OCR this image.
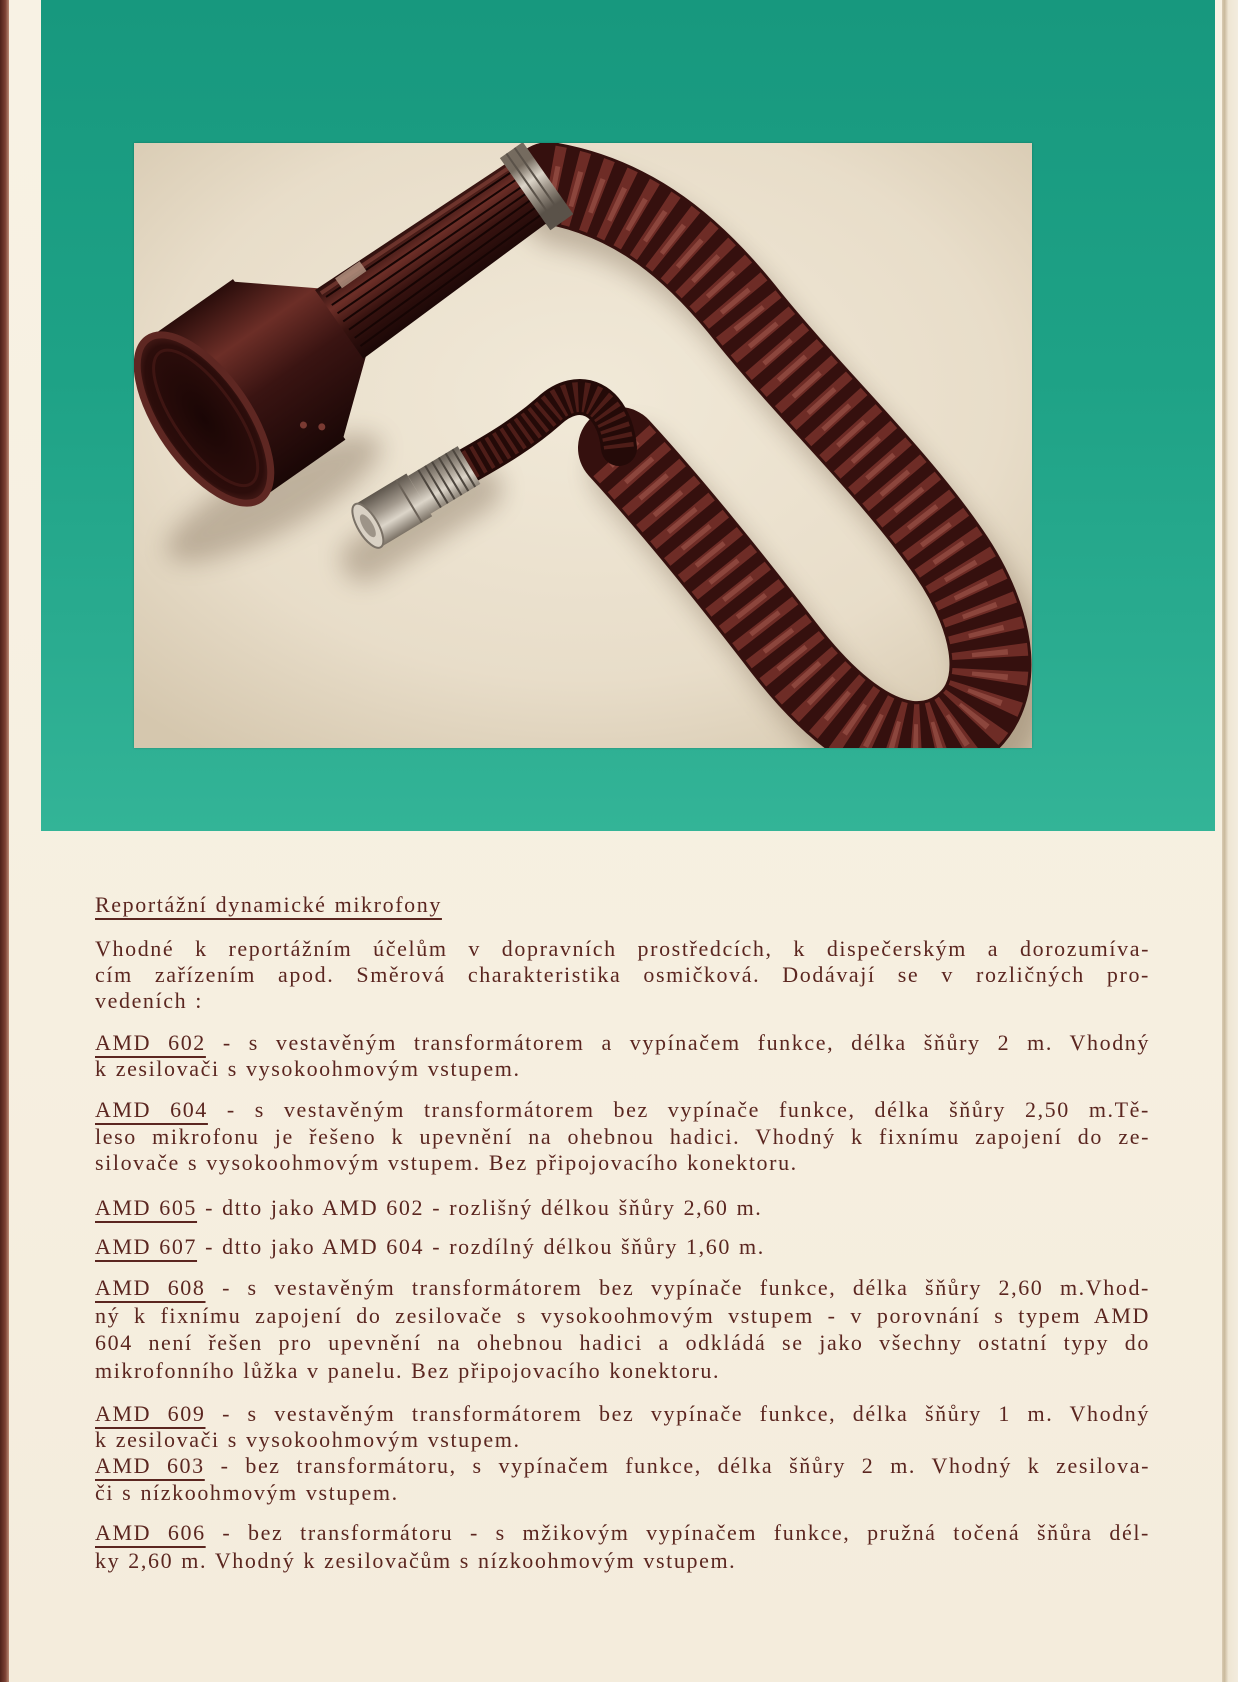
Reportážní dynamické mikrofony
Vhodné k reportážním účelům v dopravních prostředcích, k dispečerským a dorozumíva-
cím zařízením apod. Směrová charakteristika osmičková. Dodávají se v rozličných pro-
vedeních :
AMD 602 - s vestavěným transformátorem a vypínačem funkce, délka šňůry 2 m. Vhodný
k zesilovači s vysokoohmovým vstupem.
AMD 604 - s vestavěným transformátorem bez vypínače funkce, délka šňůry 2,50 m.Tě-
leso mikrofonu je řešeno k upevnění na ohebnou hadici. Vhodný k fixnímu zapojení do ze-
silovače s vysokoohmovým vstupem. Bez připojovacího konektoru.
AMD 605 - dtto jako AMD 602 - rozlišný délkou šňůry 2,60 m.
AMD 607 - dtto jako AMD 604 - rozdílný délkou šňůry 1,60 m.
AMD 608 - s vestavěným transformátorem bez vypínače funkce, délka šňůry 2,60 m.Vhod-
ný k fixnímu zapojení do zesilovače s vysokoohmovým vstupem - v porovnání s typem AMD
604 není řešen pro upevnění na ohebnou hadici a odkládá se jako všechny ostatní typy do
mikrofonního lůžka v panelu. Bez připojovacího konektoru.
AMD 609 - s vestavěným transformátorem bez vypínače funkce, délka šňůry 1 m. Vhodný
k zesilovači s vysokoohmovým vstupem.
AMD 603 - bez transformátoru, s vypínačem funkce, délka šňůry 2 m. Vhodný k zesilova-
či s nízkoohmovým vstupem.
AMD 606 - bez transformátoru - s mžikovým vypínačem funkce, pružná točená šňůra dél-
ky 2,60 m. Vhodný k zesilovačům s nízkoohmovým vstupem.
